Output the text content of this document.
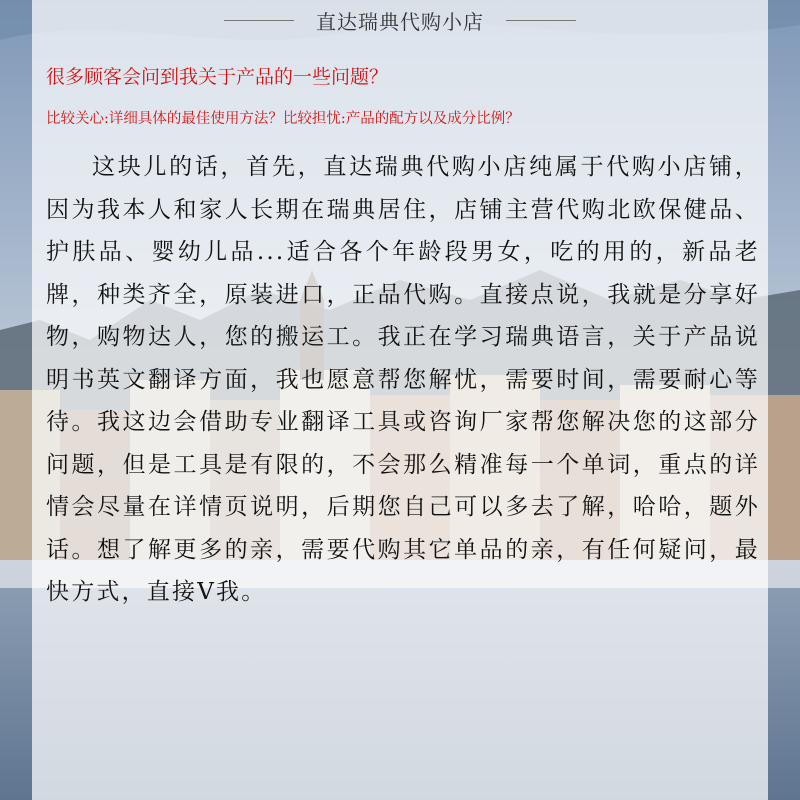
直达瑞典代购小店
很多顾客会问到我关于产品的一些问题？
比较关心:详细具体的最佳使用方法？比较担忧:产品的配方以及成分比例？
这块儿的话，首先，直达瑞典代购小店纯属于代购小店铺，因为我本人和家人长期在瑞典居住，店铺主营代购北欧保健品、护肤品、婴幼儿品...适合各个年龄段男女，吃的用的，新品老牌，种类齐全，原装进口，正品代购。直接点说，我就是分享好物，购物达人，您的搬运工。我正在学习瑞典语言，关于产品说明书英文翻译方面，我也愿意帮您解忧，需要时间，需要耐心等待。我这边会借助专业翻译工具或咨询厂家帮您解决您的这部分问题，但是工具是有限的，不会那么精准每一个单词，重点的详情会尽量在详情页说明，后期您自己可以多去了解，哈哈，题外话。想了解更多的亲，需要代购其它单品的亲，有任何疑问，最快方式，直接V我。
